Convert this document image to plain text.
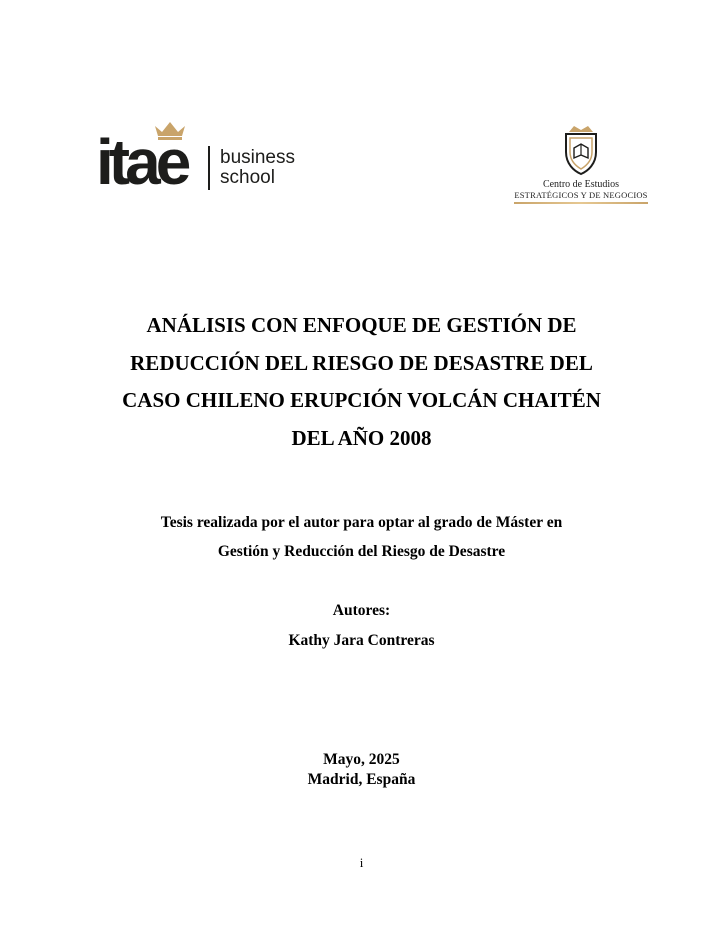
itae business
school	Centro de Estudios
ESTRATÉGICOS Y DE NEGOCIOS
ANÁLISIS CON ENFOQUE DE GESTIÓN DE
REDUCCIÓN DEL RIESGO DE DESASTRE DEL
CASO CHILENO ERUPCIÓN VOLCÁN CHAITÉN
DEL AÑO 2008
Tesis realizada por el autor para optar al grado de Máster en
Gestión y Reducción del Riesgo de Desastre
Autores:
Kathy Jara Contreras
Mayo, 2025
Madrid, España
i
